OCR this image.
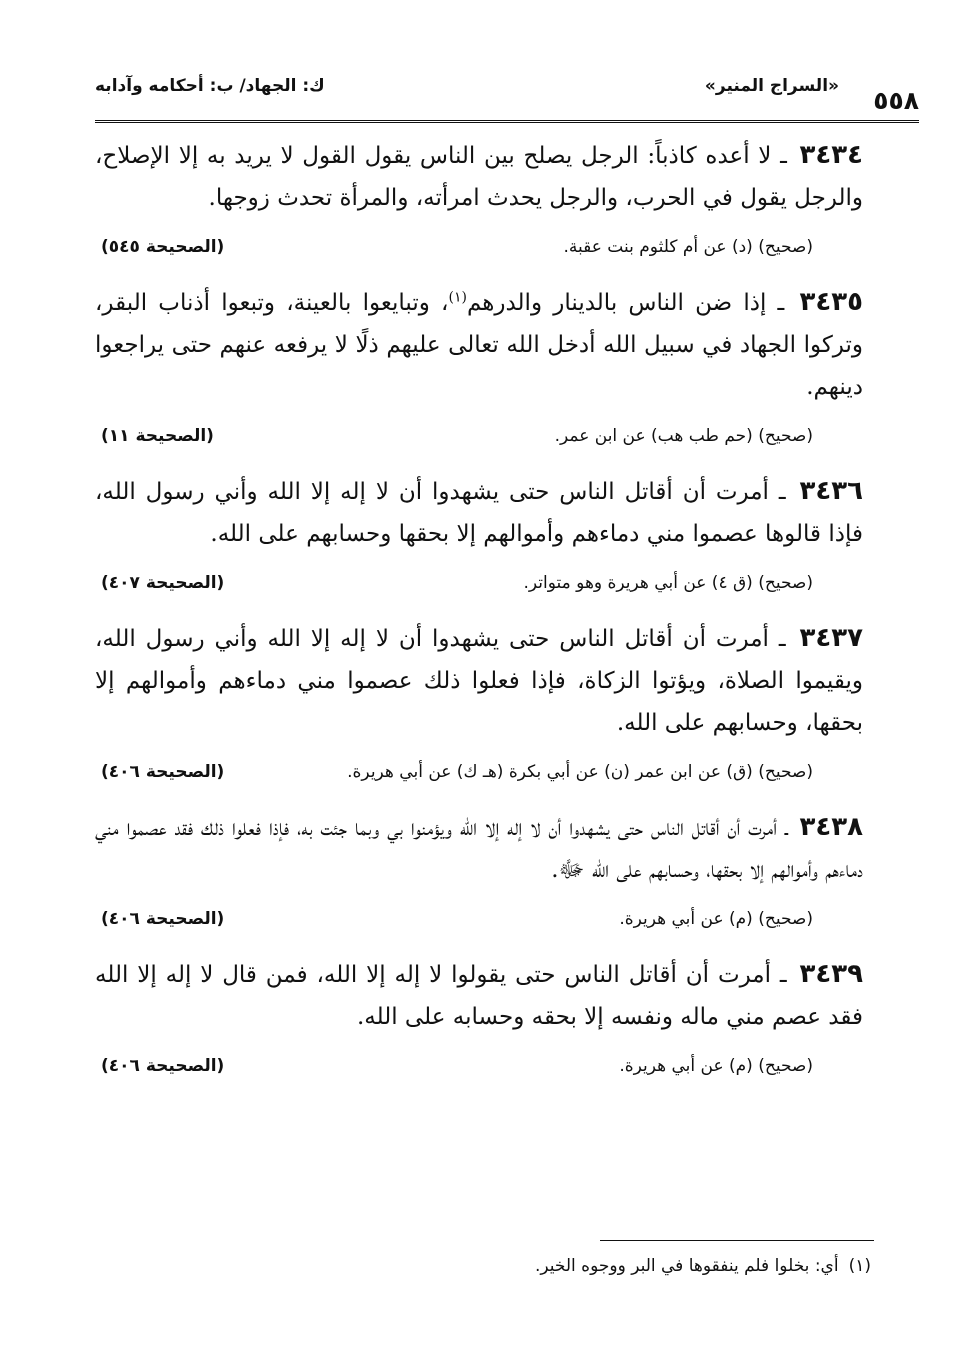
٥٥٨
«السراج المنير»
ك: الجهاد/ ب: أحكامه وآدابه

٣٤٣٤ ـ لا أعده كاذباً: الرجل يصلح بين الناس يقول القول لا يريد به إلا الإصلاح، والرجل يقول في الحرب، والرجل يحدث امرأته، والمرأة تحدث زوجها.

(صحيح) (د) عن أم كلثوم بنت عقبة.
(الصحيحة ٥٤٥)

٣٤٣٥ ـ إذا ضن الناس بالدينار والدرهم$^{(١)}$، وتبايعوا بالعينة، وتبعوا أذناب البقر، وتركوا الجهاد في سبيل الله أدخل الله تعالى عليهم ذلًا لا يرفعه عنهم حتى يراجعوا دينهم.

(صحيح) (حم طب هب) عن ابن عمر.
(الصحيحة ١١)

٣٤٣٦ ـ أمرت أن أقاتل الناس حتى يشهدوا أن لا إله إلا الله وأني رسول الله، فإذا قالوها عصموا مني دماءهم وأموالهم إلا بحقها وحسابهم على الله.

(صحيح) (ق ٤) عن أبي هريرة وهو متواتر.
(الصحيحة ٤٠٧)

٣٤٣٧ ـ أمرت أن أقاتل الناس حتى يشهدوا أن لا إله إلا الله وأني رسول الله، ويقيموا الصلاة، ويؤتوا الزكاة، فإذا فعلوا ذلك عصموا مني دماءهم وأموالهم إلا بحقها، وحسابهم على الله.

(صحيح) (ق) عن ابن عمر (ن) عن أبي بكرة (هـ ك) عن أبي هريرة.
(الصحيحة ٤٠٦)

٣٤٣٨ ـ أمرت أن أقاتل الناس حتى يشهدوا أن لا إله إلا الله ويؤمنوا بي وبما جئت به، فإذا فعلوا ذلك فقد عصموا مني دماءهم وأموالهم إلا بحقها، وحسابهم على الله ﷻ.

(صحيح) (م) عن أبي هريرة.
(الصحيحة ٤٠٦)

٣٤٣٩ ـ أمرت أن أقاتل الناس حتى يقولوا لا إله إلا الله، فمن قال لا إله إلا الله فقد عصم مني ماله ونفسه إلا بحقه وحسابه على الله.

(صحيح) (م) عن أبي هريرة.
(الصحيحة ٤٠٦)
(١)أي: بخلوا فلم ينفقوها في البر ووجوه الخير.
